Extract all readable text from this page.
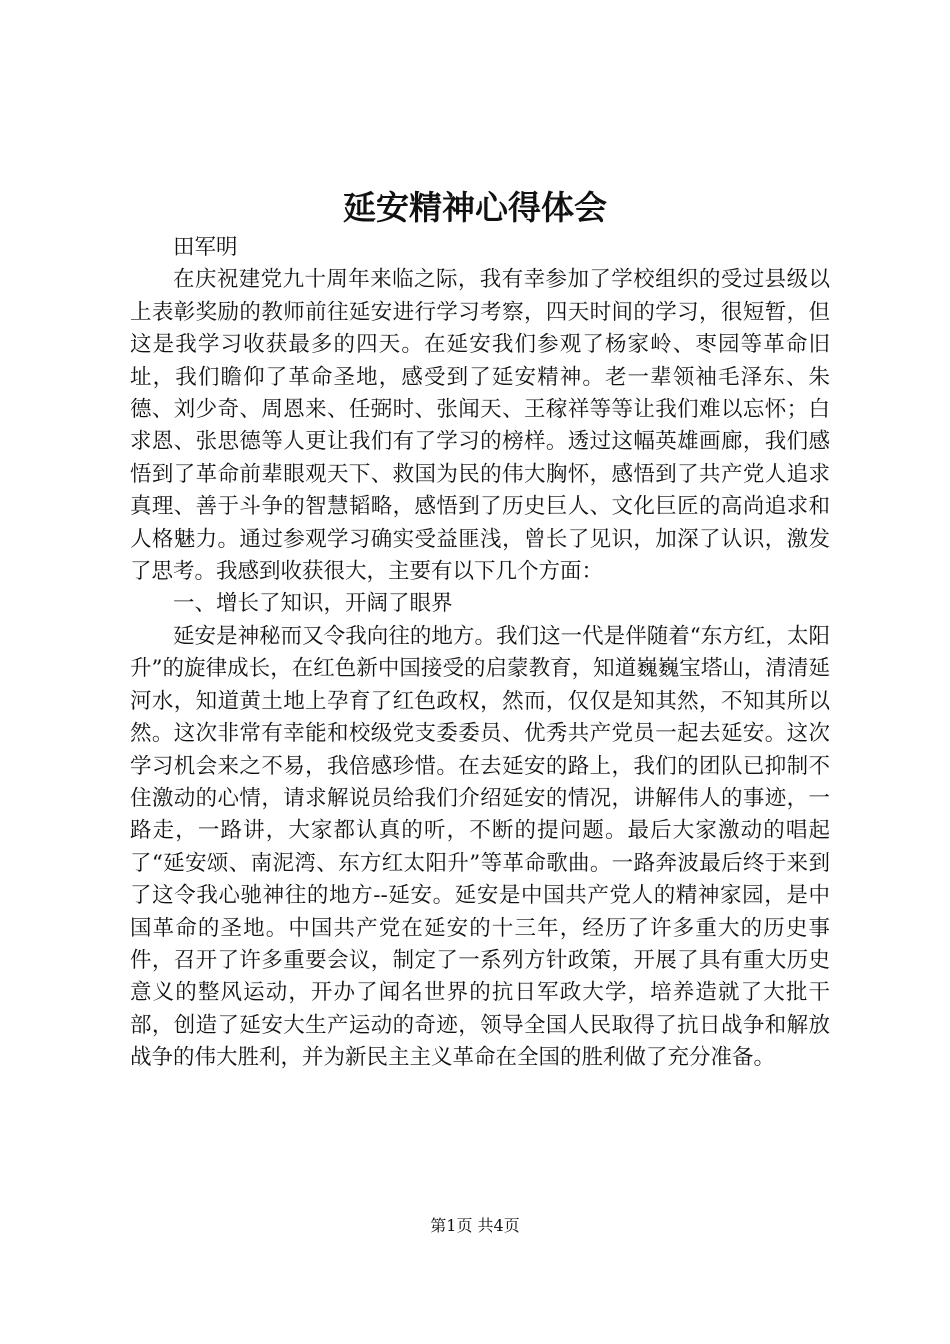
延安精神心得体会

田军明

在庆祝建党九十周年来临之际，我有幸参加了学校组织的受过县级以上表彰奖励的教师前往延安进行学习考察，四天时间的学习，很短暂，但这是我学习收获最多的四天。在延安我们参观了杨家岭、枣园等革命旧址，我们瞻仰了革命圣地，感受到了延安精神。老一辈领袖毛泽东、朱德、刘少奇、周恩来、任弼时、张闻天、王稼祥等等让我们难以忘怀；白求恩、张思德等人更让我们有了学习的榜样。透过这幅英雄画廊，我们感悟到了革命前辈眼观天下、救国为民的伟大胸怀，感悟到了共产党人追求真理、善于斗争的智慧韬略，感悟到了历史巨人、文化巨匠的高尚追求和人格魅力。通过参观学习确实受益匪浅，曾长了见识，加深了认识，激发了思考。我感到收获很大，主要有以下几个方面：

一、增长了知识，开阔了眼界

延安是神秘而又令我向往的地方。我们这一代是伴随着“东方红，太阳升”的旋律成长，在红色新中国接受的启蒙教育，知道巍巍宝塔山，清清延河水，知道黄土地上孕育了红色政权，然而，仅仅是知其然，不知其所以然。这次非常有幸能和校级党支委委员、优秀共产党员一起去延安。这次学习机会来之不易，我倍感珍惜。在去延安的路上，我们的团队已抑制不住激动的心情，请求解说员给我们介绍延安的情况，讲解伟人的事迹，一路走，一路讲，大家都认真的听，不断的提问题。最后大家激动的唱起了“延安颂、南泥湾、东方红太阳升”等革命歌曲。一路奔波最后终于来到了这令我心驰神往的地方--延安。延安是中国共产党人的精神家园，是中国革命的圣地。中国共产党在延安的十三年，经历了许多重大的历史事件，召开了许多重要会议，制定了一系列方针政策，开展了具有重大历史意义的整风运动，开办了闻名世界的抗日军政大学，培养造就了大批干部，创造了延安大生产运动的奇迹，领导全国人民取得了抗日战争和解放战争的伟大胜利，并为新民主主义革命在全国的胜利做了充分准备。

第1页 共4页
